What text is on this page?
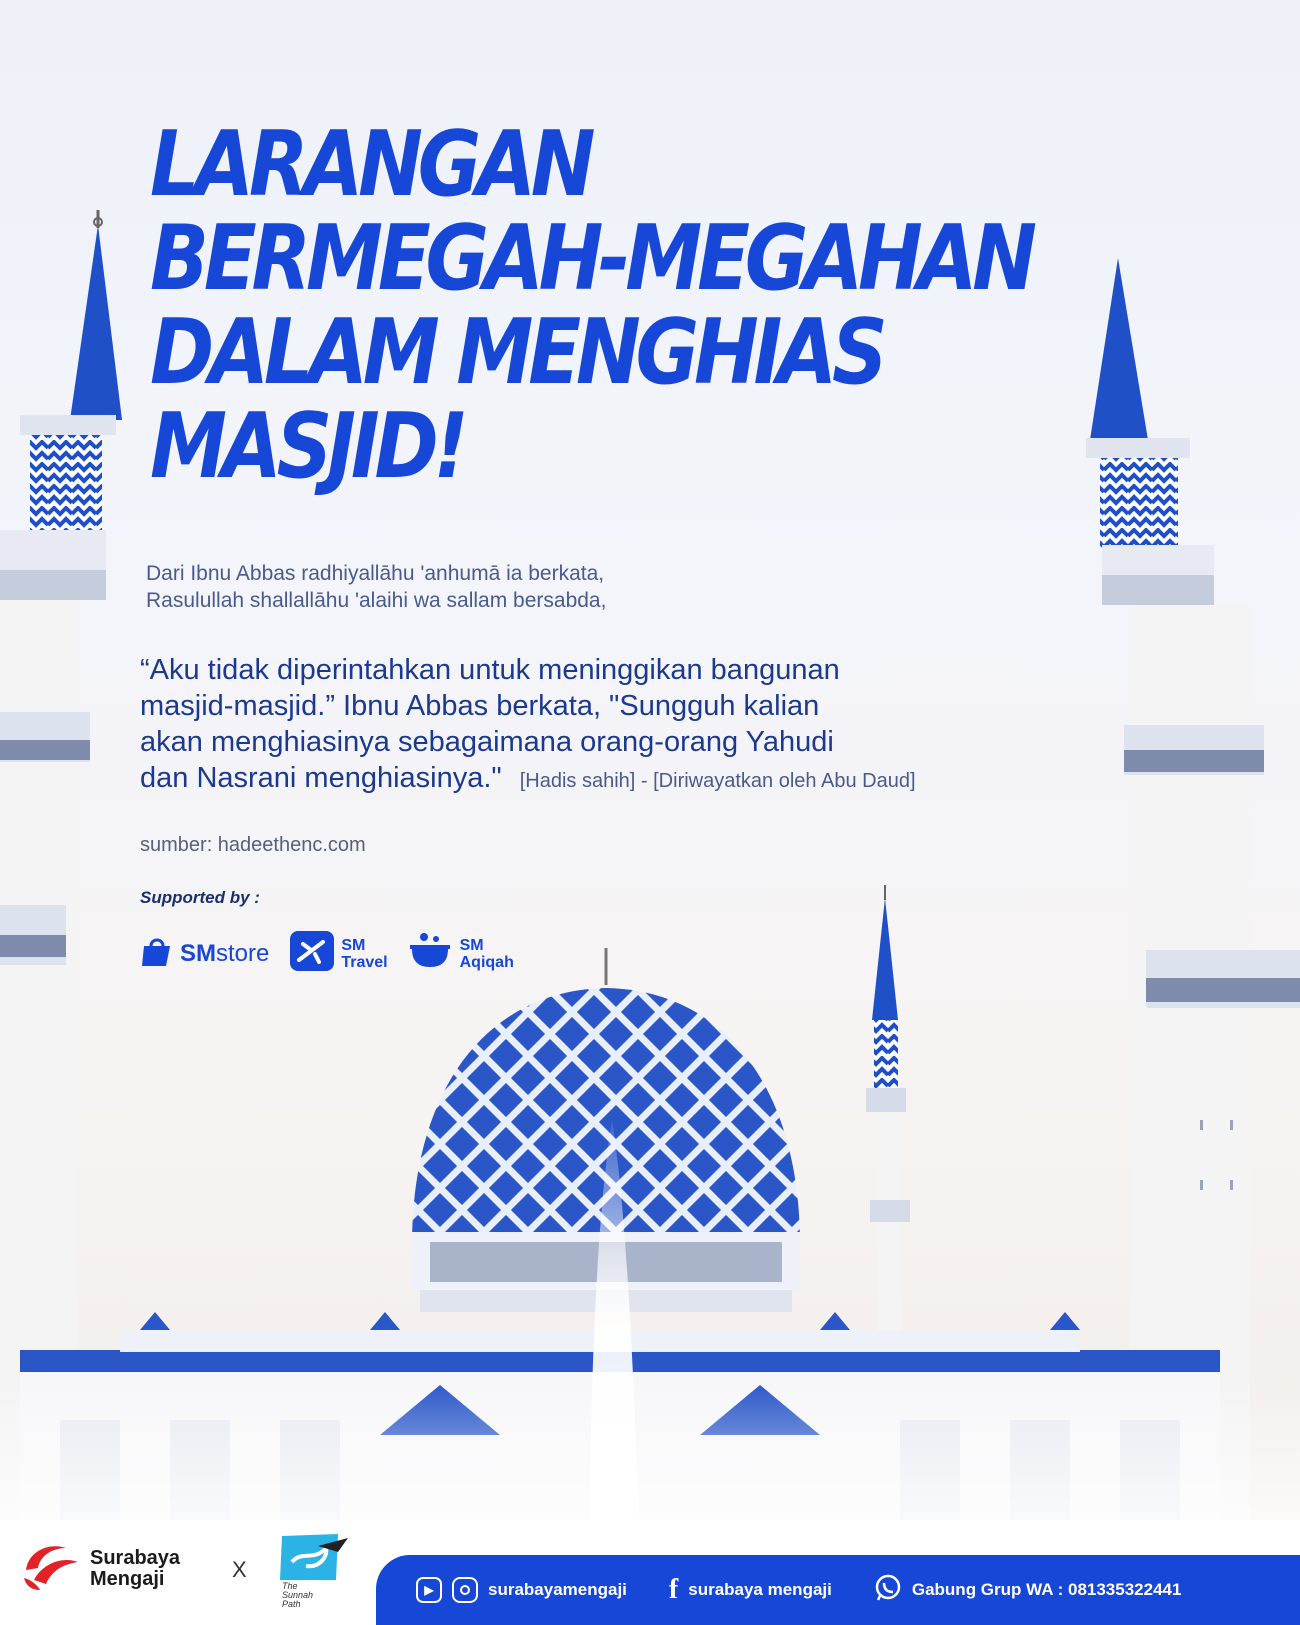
LARANGAN
BERMEGAH-MEGAHAN
DALAM MENGHIAS
MASJID!
Dari Ibnu Abbas radhiyallāhu 'anhumā ia berkata,
Rasulullah shallallāhu 'alaihi wa sallam bersabda,
“Aku tidak diperintahkan untuk meninggikan bangunan
masjid-masjid.” Ibnu Abbas berkata, "Sungguh kalian
akan menghiasinya sebagaimana orang-orang Yahudi
dan Nasrani menghiasinya." [Hadis sahih] - [Diriwayatkan oleh Abu Daud]
sumber: hadeethenc.com
Supported by :
SMstore	SM
Travel
SM
Aqiqah
Surabaya
Mengaji	X
The
Sunnah
Path
▶	surabayamengaji f surabaya mengaji	Gabung Grup WA : 081335322441
